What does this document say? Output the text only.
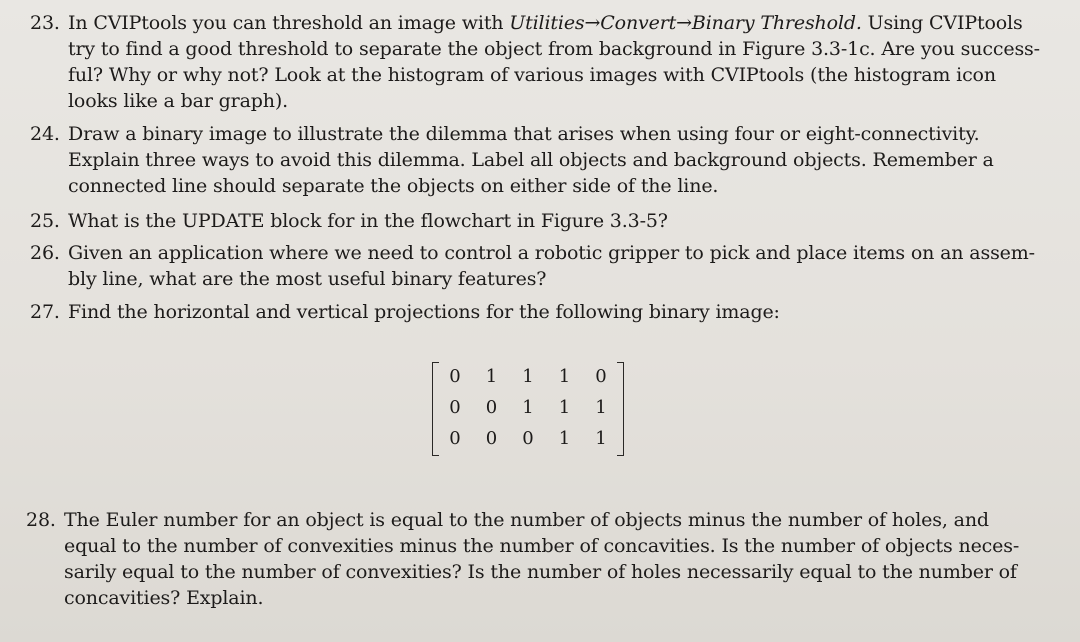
23. In CVIPtools you can threshold an image with Utilities→Convert→Binary Threshold. Using CVIPtools
try to find a good threshold to separate the object from background in Figure 3.3-1c. Are you success-
ful? Why or why not? Look at the histogram of various images with CVIPtools (the histogram icon
looks like a bar graph).
24. Draw a binary image to illustrate the dilemma that arises when using four or eight-connectivity.
Explain three ways to avoid this dilemma. Label all objects and background objects. Remember a
connected line should separate the objects on either side of the line.
25. What is the UPDATE block for in the flowchart in Figure 3.3-5?
26. Given an application where we need to control a robotic gripper to pick and place items on an assem-
bly line, what are the most useful binary features?
27. Find the horizontal and vertical projections for the following binary image:
0	1	1	1	0
0	0	1	1	1
0	0	0	1	1
28. The Euler number for an object is equal to the number of objects minus the number of holes, and
equal to the number of convexities minus the number of concavities. Is the number of objects neces-
sarily equal to the number of convexities? Is the number of holes necessarily equal to the number of
concavities? Explain.
